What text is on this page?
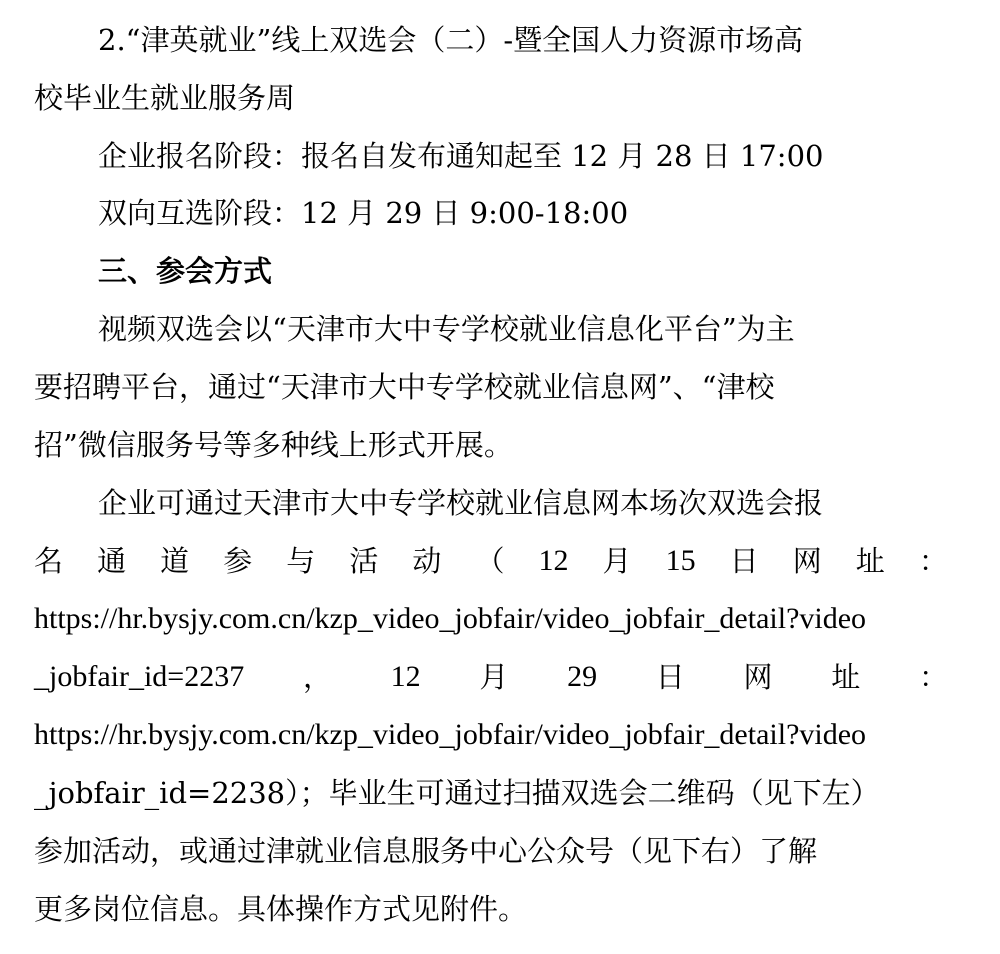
2.“津英就业”线上双选会（二）-暨全国人力资源市场高
校毕业生就业服务周
企业报名阶段：报名自发布通知起至 12 月 28 日 17:00
双向互选阶段：12 月 29 日 9:00-18:00
三、参会方式
视频双选会以“天津市大中专学校就业信息化平台”为主
要招聘平台，通过“天津市大中专学校就业信息网”、“津校
招”微信服务号等多种线上形式开展。
企业可通过天津市大中专学校就业信息网本场次双选会报
名 通 道 参 与 活 动 （ 12 月 15 日 网 址 ：
https://hr.bysjy.com.cn/kzp_video_jobfair/video_jobfair_detail?video
_jobfair_id=2237 ， 12 月 29 日 网 址 ：
https://hr.bysjy.com.cn/kzp_video_jobfair/video_jobfair_detail?video
_jobfair_id=2238）；毕业生可通过扫描双选会二维码（见下左）
参加活动，或通过津就业信息服务中心公众号（见下右）了解
更多岗位信息。具体操作方式见附件。
